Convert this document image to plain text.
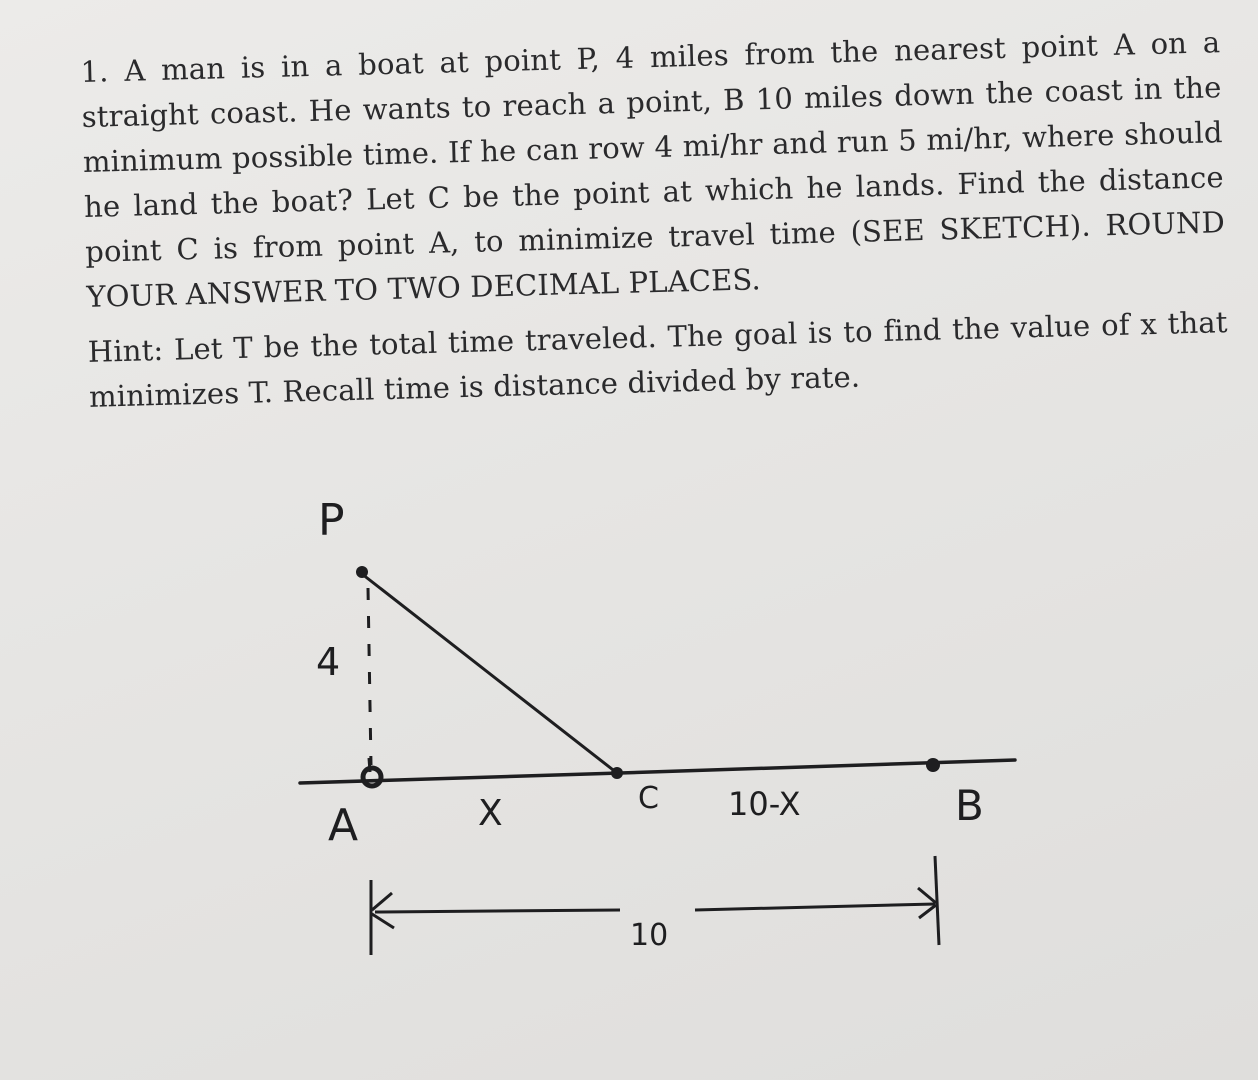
1. A man is in a boat at point P, 4 miles from the nearest point A on a
straight coast. He wants to reach a point, B 10 miles down the coast in the
minimum possible time. If he can row 4 mi/hr and run 5 mi/hr, where should
he land the boat? Let C be the point at which he lands. Find the distance
point C is from point A, to minimize travel time (SEE SKETCH). ROUND
YOUR ANSWER TO TWO DECIMAL PLACES.
Hint: Let T be the total time traveled. The goal is to find the value of x that
minimizes T. Recall time is distance divided by rate.
P
4
A	X	C 10-X	B
10
